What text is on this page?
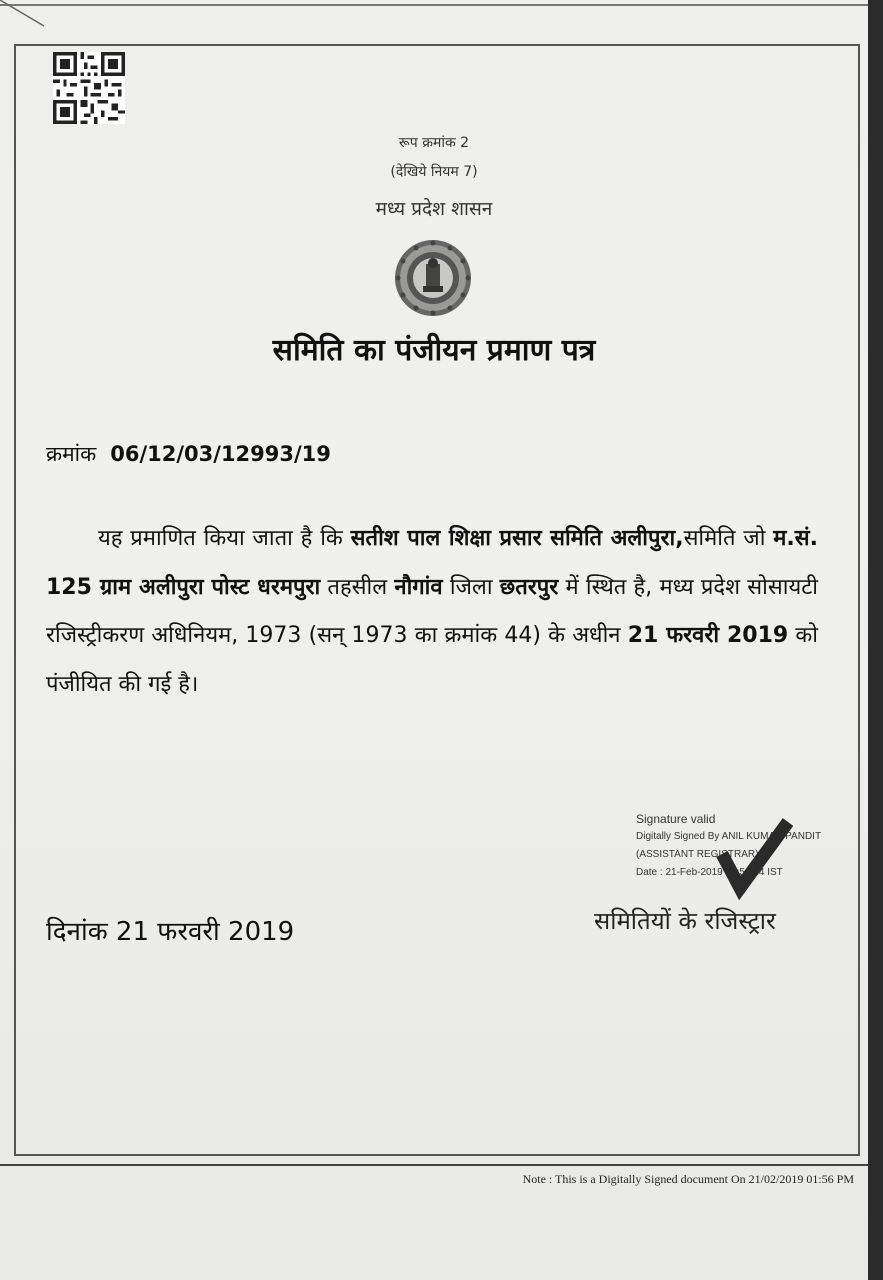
रूप क्रमांक 2
(देखिये नियम 7)
मध्य प्रदेश शासन
समिति का पंजीयन प्रमाण पत्र
क्रमांक 06/12/03/12993/19
यह प्रमाणित किया जाता है कि सतीश पाल शिक्षा प्रसार समिति अलीपुरा,समिति जो म.सं. 125 ग्राम अलीपुरा पोस्ट धरमपुरा तहसील नौगांव जिला छतरपुर में स्थित है, मध्य प्रदेश सोसायटी रजिस्ट्रीकरण अधिनियम, 1973 (सन् 1973 का क्रमांक 44) के अधीन 21 फरवरी 2019 को पंजीयित की गई है।
Signature valid
Digitally Signed By ANIL KUMAR PANDIT
(ASSISTANT REGISTRAR)
Date : 21-Feb-2019 14:56:24 IST
दिनांक 21 फरवरी 2019	समितियों के रजिस्ट्रार
Note : This is a Digitally Signed document On 21/02/2019 01:56 PM
